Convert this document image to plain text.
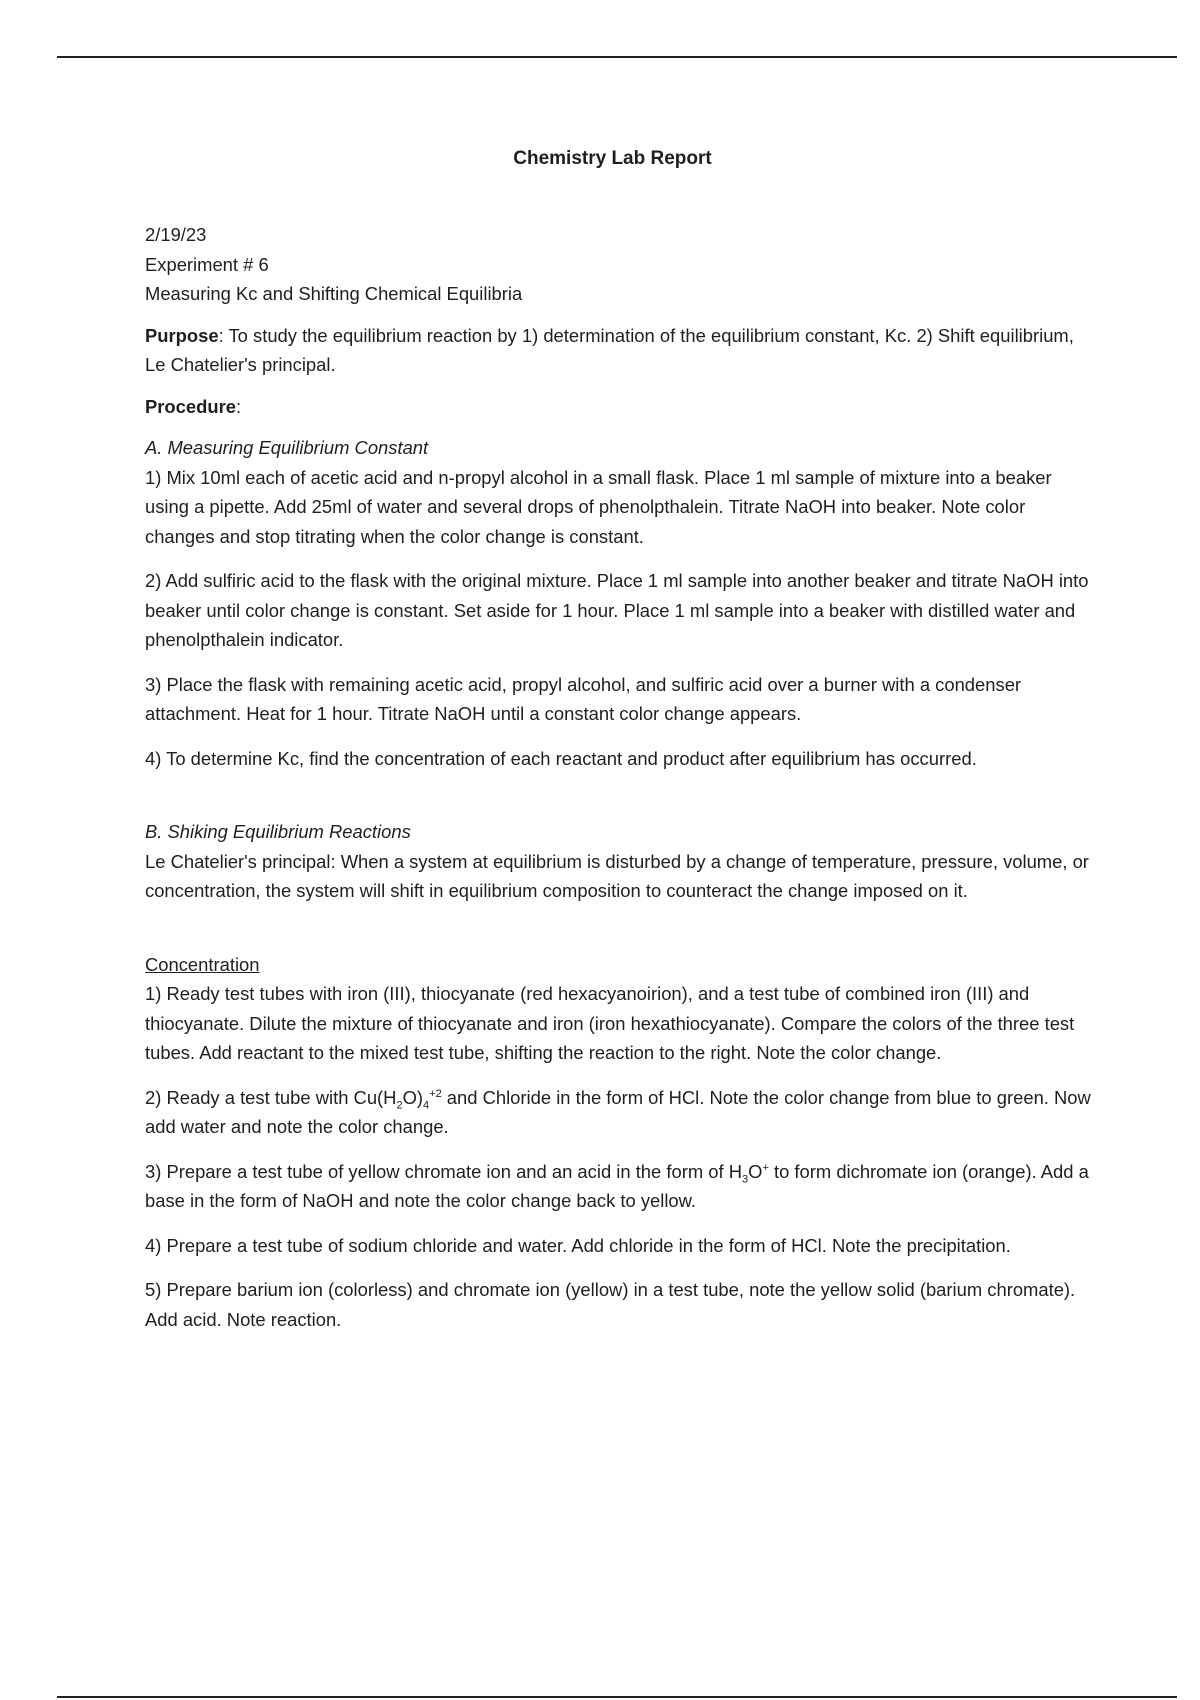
Chemistry Lab Report

2/19/23

Experiment # 6

Measuring Kc and Shifting Chemical Equilibria

Purpose: To study the equilibrium reaction by 1) determination of the equilibrium constant, Kc. 2) Shift equilibrium, Le Chatelier's principal.

Procedure:

A. Measuring Equilibrium Constant

1) Mix 10ml each of acetic acid and n-propyl alcohol in a small flask. Place 1 ml sample of mixture into a beaker using a pipette. Add 25ml of water and several drops of phenolpthalein. Titrate NaOH into beaker. Note color changes and stop titrating when the color change is constant.

2) Add sulfiric acid to the flask with the original mixture. Place 1 ml sample into another beaker and titrate NaOH into beaker until color change is constant. Set aside for 1 hour. Place 1 ml sample into a beaker with distilled water and phenolpthalein indicator.

3) Place the flask with remaining acetic acid, propyl alcohol, and sulfiric acid over a burner with a condenser attachment. Heat for 1 hour. Titrate NaOH until a constant color change appears.

4) To determine Kc, find the concentration of each reactant and product after equilibrium has occurred.

B. Shiking Equilibrium Reactions

Le Chatelier's principal: When a system at equilibrium is disturbed by a change of temperature, pressure, volume, or concentration, the system will shift in equilibrium composition to counteract the change imposed on it.

Concentration

1) Ready test tubes with iron (III), thiocyanate (red hexacyanoirion), and a test tube of combined iron (III) and thiocyanate. Dilute the mixture of thiocyanate and iron (iron hexathiocyanate). Compare the colors of the three test tubes. Add reactant to the mixed test tube, shifting the reaction to the right. Note the color change.

2) Ready a test tube with $Cu(H_2O)_4^{+2}$ and Chloride in the form of HCl. Note the color change from blue to green. Now add water and note the color change.

3) Prepare a test tube of yellow chromate ion and an acid in the form of $H_3O^+$ to form dichromate ion (orange). Add a base in the form of NaOH and note the color change back to yellow.

4) Prepare a test tube of sodium chloride and water. Add chloride in the form of HCl. Note the precipitation.

5) Prepare barium ion (colorless) and chromate ion (yellow) in a test tube, note the yellow solid (barium chromate). Add acid. Note reaction.
